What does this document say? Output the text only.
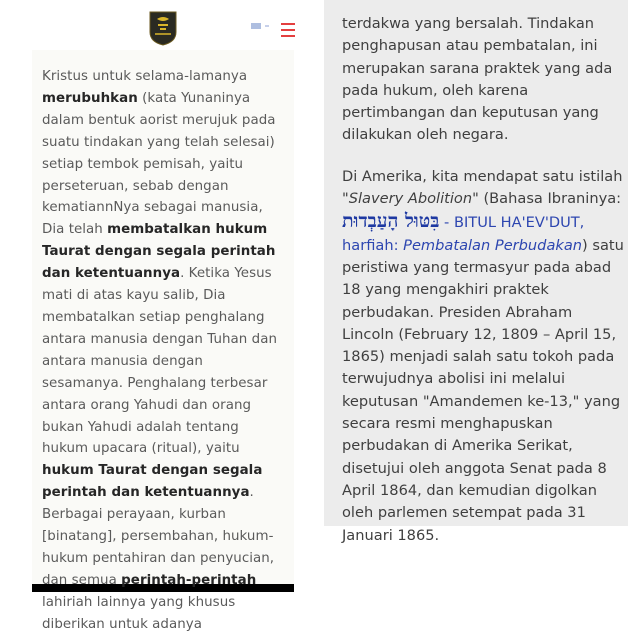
Kristus untuk selama-lamanya merubuhkan (kata Yunaninya dalam bentuk aorist merujuk pada suatu tindakan yang telah selesai) setiap tembok pemisah, yaitu perseteruan, sebab dengan kematiannNya sebagai manusia, Dia telah membatalkan hukum Taurat dengan segala perintah dan ketentuannya. Ketika Yesus mati di atas kayu salib, Dia membatalkan setiap penghalang antara manusia dengan Tuhan dan antara manusia dengan sesamanya. Penghalang terbesar antara orang Yahudi dan orang bukan Yahudi adalah tentang hukum upacara (ritual), yaitu hukum Taurat dengan segala perintah dan ketentuannya. Berbagai perayaan, kurban [binatang], persembahan, hukum-hukum pentahiran dan penyucian, dan semua perintah-perintah lahiriah lainnya yang khusus diberikan untuk adanya

terdakwa yang bersalah. Tindakan penghapusan atau pembatalan, ini merupakan sarana praktek yang ada pada hukum, oleh karena pertimbangan dan keputusan yang dilakukan oleh negara.

Di Amerika, kita mendapat satu istilah "Slavery Abolition" (Bahasa Ibraninya: בִּטּוּל הָעַבְדוּת - BITUL HA'EV'DUT, harfiah: Pembatalan Perbudakan) satu peristiwa yang termasyur pada abad 18 yang mengakhiri praktek perbudakan. Presiden Abraham Lincoln (February 12, 1809 – April 15, 1865) menjadi salah satu tokoh pada terwujudnya abolisi ini melalui keputusan "Amandemen ke-13," yang secara resmi menghapuskan perbudakan di Amerika Serikat, disetujui oleh anggota Senat pada 8 April 1864, dan kemudian digolkan oleh parlemen setempat pada 31 Januari 1865.
